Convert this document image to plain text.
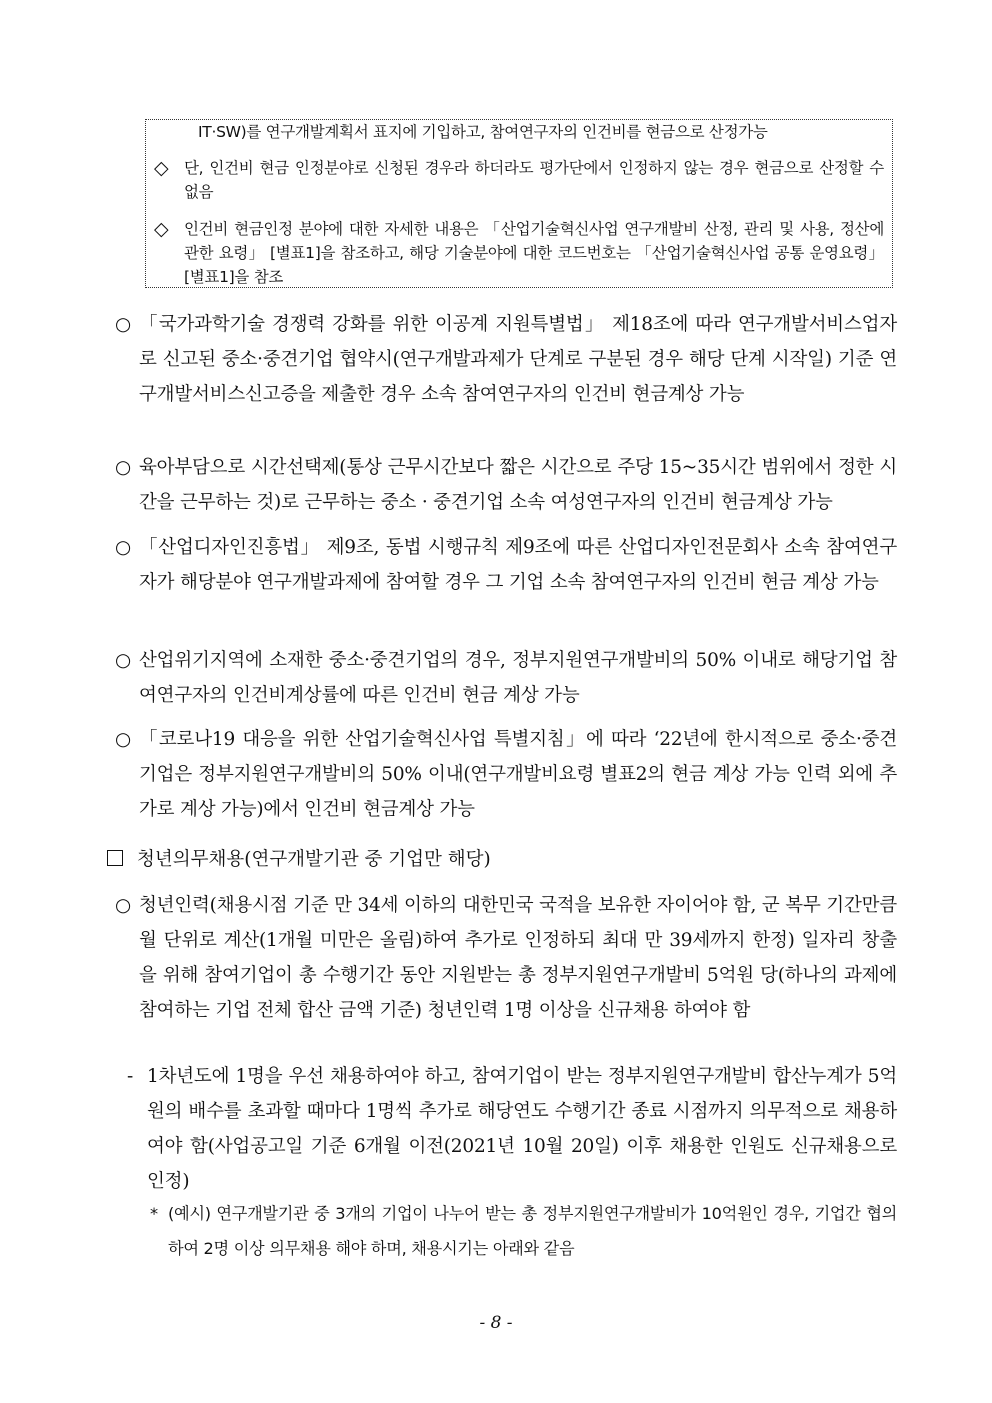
IT·SW)를 연구개발계획서 표지에 기입하고, 참여연구자의 인건비를 현금으로 산정가능
◇ 단, 인건비 현금 인정분야로 신청된 경우라 하더라도 평가단에서 인정하지 않는 경우 현금으로 산정할 수 없음
◇ 인건비 현금인정 분야에 대한 자세한 내용은 「산업기술혁신사업 연구개발비 산정, 관리 및 사용, 정산에 관한 요령」 [별표1]을 참조하고, 해당 기술분야에 대한 코드번호는 「산업기술혁신사업 공통 운영요령」 [별표1]을 참조
○ 「국가과학기술 경쟁력 강화를 위한 이공계 지원특별법」 제18조에 따라 연구개발서비스업자로 신고된 중소·중견기업 협약시(연구개발과제가 단계로 구분된 경우 해당 단계 시작일) 기준 연구개발서비스신고증을 제출한 경우 소속 참여연구자의 인건비 현금계상 가능
○ 육아부담으로 시간선택제(통상 근무시간보다 짧은 시간으로 주당 15~35시간 범위에서 정한 시간을 근무하는 것)로 근무하는 중소 · 중견기업 소속 여성연구자의 인건비 현금계상 가능
○ 「산업디자인진흥법」 제9조, 동법 시행규칙 제9조에 따른 산업디자인전문회사 소속 참여연구자가 해당분야 연구개발과제에 참여할 경우 그 기업 소속 참여연구자의 인건비 현금 계상 가능
○ 산업위기지역에 소재한 중소·중견기업의 경우, 정부지원연구개발비의 50% 이내로 해당기업 참여연구자의 인건비계상률에 따른 인건비 현금 계상 가능
○ 「코로나19 대응을 위한 산업기술혁신사업 특별지침」에 따라 ‘22년에 한시적으로 중소·중견기업은 정부지원연구개발비의 50% 이내(연구개발비요령 별표2의 현금 계상 가능 인력 외에 추가로 계상 가능)에서 인건비 현금계상 가능
청년의무채용(연구개발기관 중 기업만 해당)
○ 청년인력(채용시점 기준 만 34세 이하의 대한민국 국적을 보유한 자이어야 함, 군 복무 기간만큼 월 단위로 계산(1개월 미만은 올림)하여 추가로 인정하되 최대 만 39세까지 한정) 일자리 창출을 위해 참여기업이 총 수행기간 동안 지원받는 총 정부지원연구개발비 5억원 당(하나의 과제에 참여하는 기업 전체 합산 금액 기준) 청년인력 1명 이상을 신규채용 하여야 함
- 1차년도에 1명을 우선 채용하여야 하고, 참여기업이 받는 정부지원연구개발비 합산누계가 5억원의 배수를 초과할 때마다 1명씩 추가로 해당연도 수행기간 종료 시점까지 의무적으로 채용하여야 함(사업공고일 기준 6개월 이전(2021년 10월 20일) 이후 채용한 인원도 신규채용으로 인정)
* (예시) 연구개발기관 중 3개의 기업이 나누어 받는 총 정부지원연구개발비가 10억원인 경우, 기업간 협의하여 2명 이상 의무채용 해야 하며, 채용시기는 아래와 같음
- 8 -
